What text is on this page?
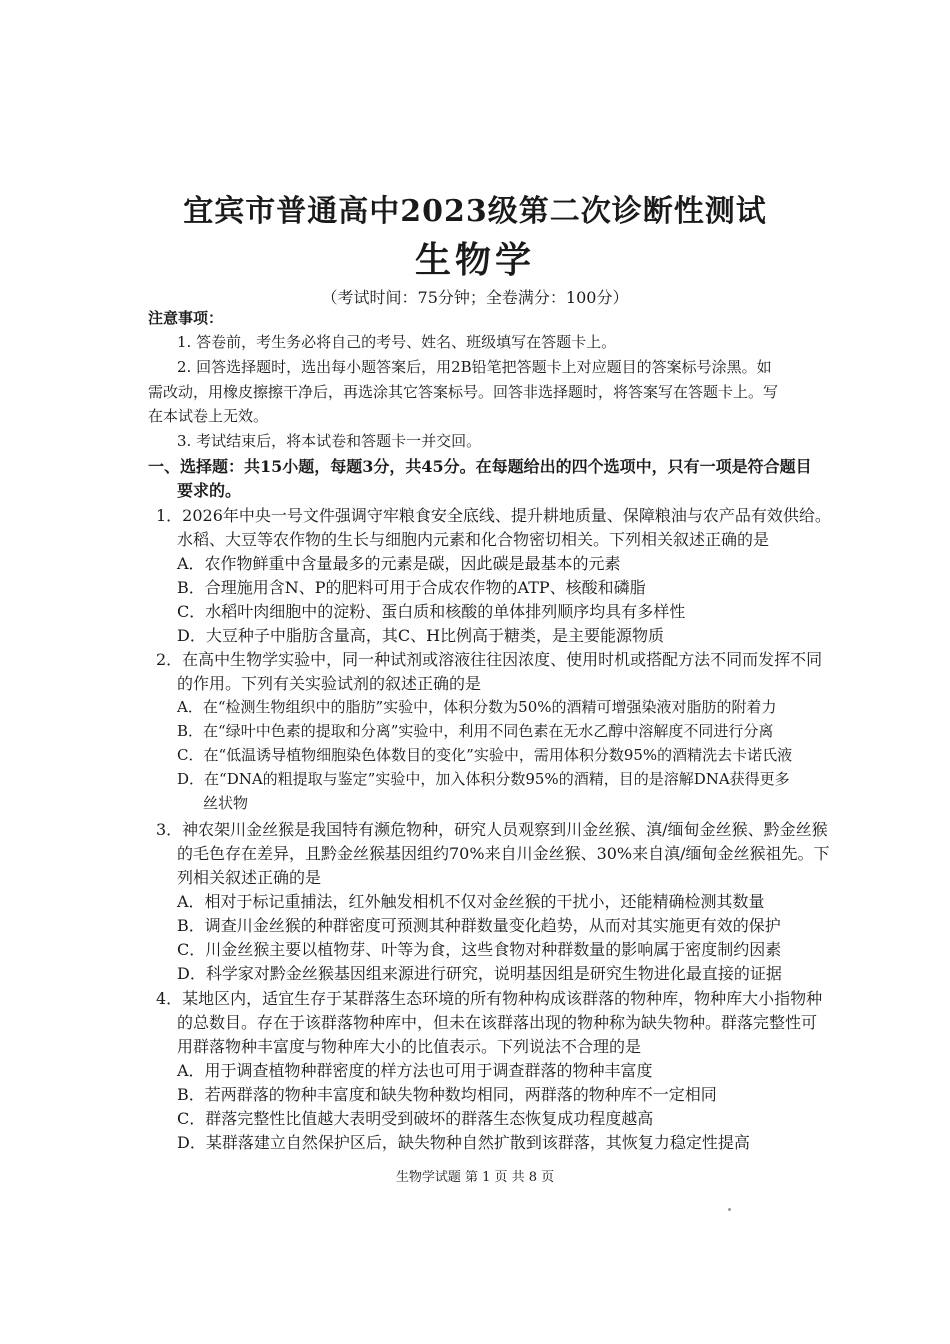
宜宾市普通高中2023级第二次诊断性测试
生物学
（考试时间：75分钟；全卷满分：100分）
注意事项：
1. 答卷前，考生务必将自己的考号、姓名、班级填写在答题卡上。
2. 回答选择题时，选出每小题答案后，用2B铅笔把答题卡上对应题目的答案标号涂黑。如
需改动，用橡皮擦擦干净后，再选涂其它答案标号。回答非选择题时，将答案写在答题卡上。写
在本试卷上无效。
3. 考试结束后，将本试卷和答题卡一并交回。
一、选择题：共15小题，每题3分，共45分。在每题给出的四个选项中，只有一项是符合题目
要求的。
1．2026年中央一号文件强调守牢粮食安全底线、提升耕地质量、保障粮油与农产品有效供给。
水稻、大豆等农作物的生长与细胞内元素和化合物密切相关。下列相关叙述正确的是
A．农作物鲜重中含量最多的元素是碳，因此碳是最基本的元素
B．合理施用含N、P的肥料可用于合成农作物的ATP、核酸和磷脂
C．水稻叶肉细胞中的淀粉、蛋白质和核酸的单体排列顺序均具有多样性
D．大豆种子中脂肪含量高，其C、H比例高于糖类，是主要能源物质
2．在高中生物学实验中，同一种试剂或溶液往往因浓度、使用时机或搭配方法不同而发挥不同
的作用。下列有关实验试剂的叙述正确的是
A．在“检测生物组织中的脂肪”实验中，体积分数为50%的酒精可增强染液对脂肪的附着力
B．在“绿叶中色素的提取和分离”实验中，利用不同色素在无水乙醇中溶解度不同进行分离
C．在“低温诱导植物细胞染色体数目的变化”实验中，需用体积分数95%的酒精洗去卡诺氏液
D．在“DNA的粗提取与鉴定”实验中，加入体积分数95%的酒精，目的是溶解DNA获得更多
丝状物
3．神农架川金丝猴是我国特有濒危物种，研究人员观察到川金丝猴、滇/缅甸金丝猴、黔金丝猴
的毛色存在差异，且黔金丝猴基因组约70%来自川金丝猴、30%来自滇/缅甸金丝猴祖先。下
列相关叙述正确的是
A．相对于标记重捕法，红外触发相机不仅对金丝猴的干扰小，还能精确检测其数量
B．调查川金丝猴的种群密度可预测其种群数量变化趋势，从而对其实施更有效的保护
C．川金丝猴主要以植物芽、叶等为食，这些食物对种群数量的影响属于密度制约因素
D．科学家对黔金丝猴基因组来源进行研究，说明基因组是研究生物进化最直接的证据
4．某地区内，适宜生存于某群落生态环境的所有物种构成该群落的物种库，物种库大小指物种
的总数目。存在于该群落物种库中，但未在该群落出现的物种称为缺失物种。群落完整性可
用群落物种丰富度与物种库大小的比值表示。下列说法不合理的是
A．用于调查植物种群密度的样方法也可用于调查群落的物种丰富度
B．若两群落的物种丰富度和缺失物种数均相同，两群落的物种库不一定相同
C．群落完整性比值越大表明受到破坏的群落生态恢复成功程度越高
D．某群落建立自然保护区后，缺失物种自然扩散到该群落，其恢复力稳定性提高
生物学试题 第 1 页 共 8 页
